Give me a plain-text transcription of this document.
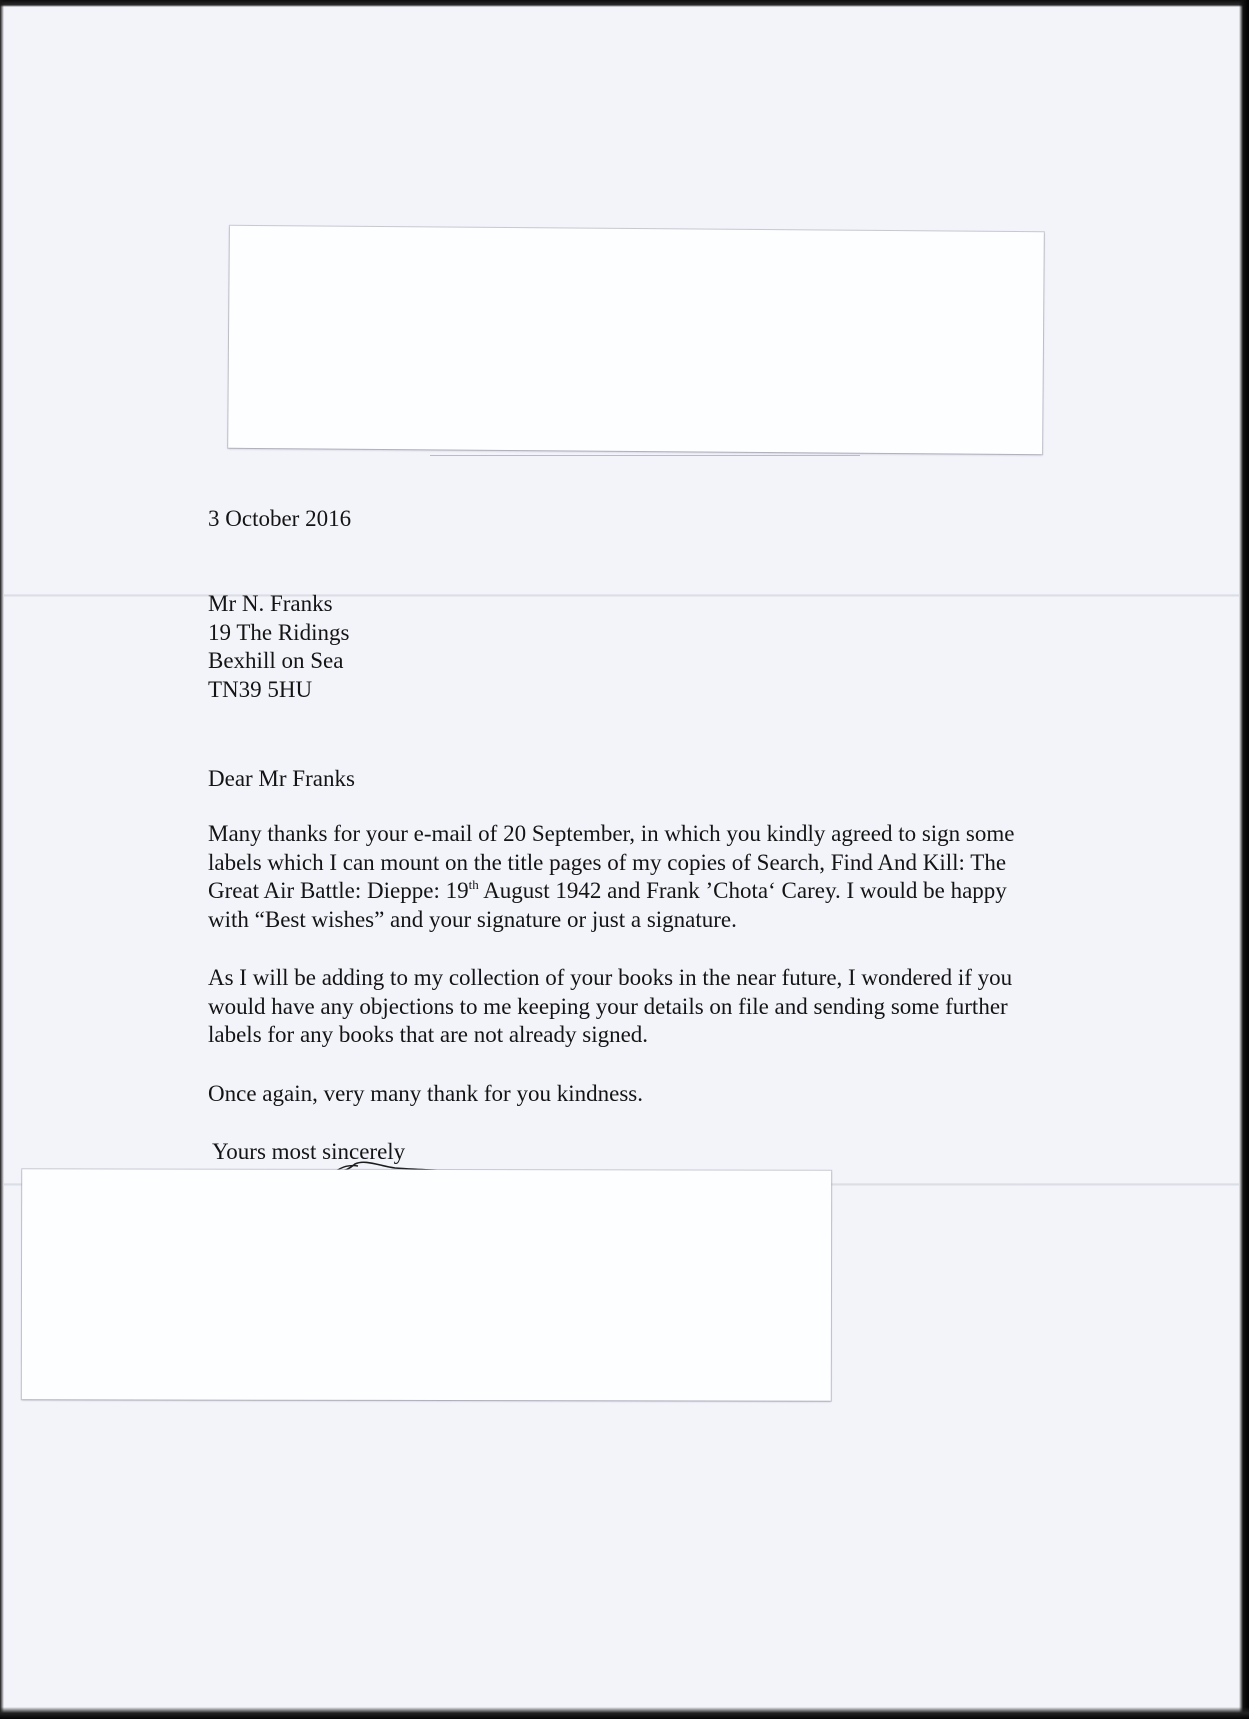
3 October 2016
Mr N. Franks
19 The Ridings
Bexhill on Sea
TN39 5HU
Dear Mr Franks
Many thanks for your e-mail of 20 September, in which you kindly agreed to sign some
labels which I can mount on the title pages of my copies of Search, Find And Kill: The
Great Air Battle: Dieppe: 19th August 1942 and Frank ’Chota‘ Carey. I would be happy
with “Best wishes” and your signature or just a signature.
As I will be adding to my collection of your books in the near future, I wondered if you
would have any objections to me keeping your details on file and sending some further
labels for any books that are not already signed.
Once again, very many thank for you kindness.
Yours most sincerely
